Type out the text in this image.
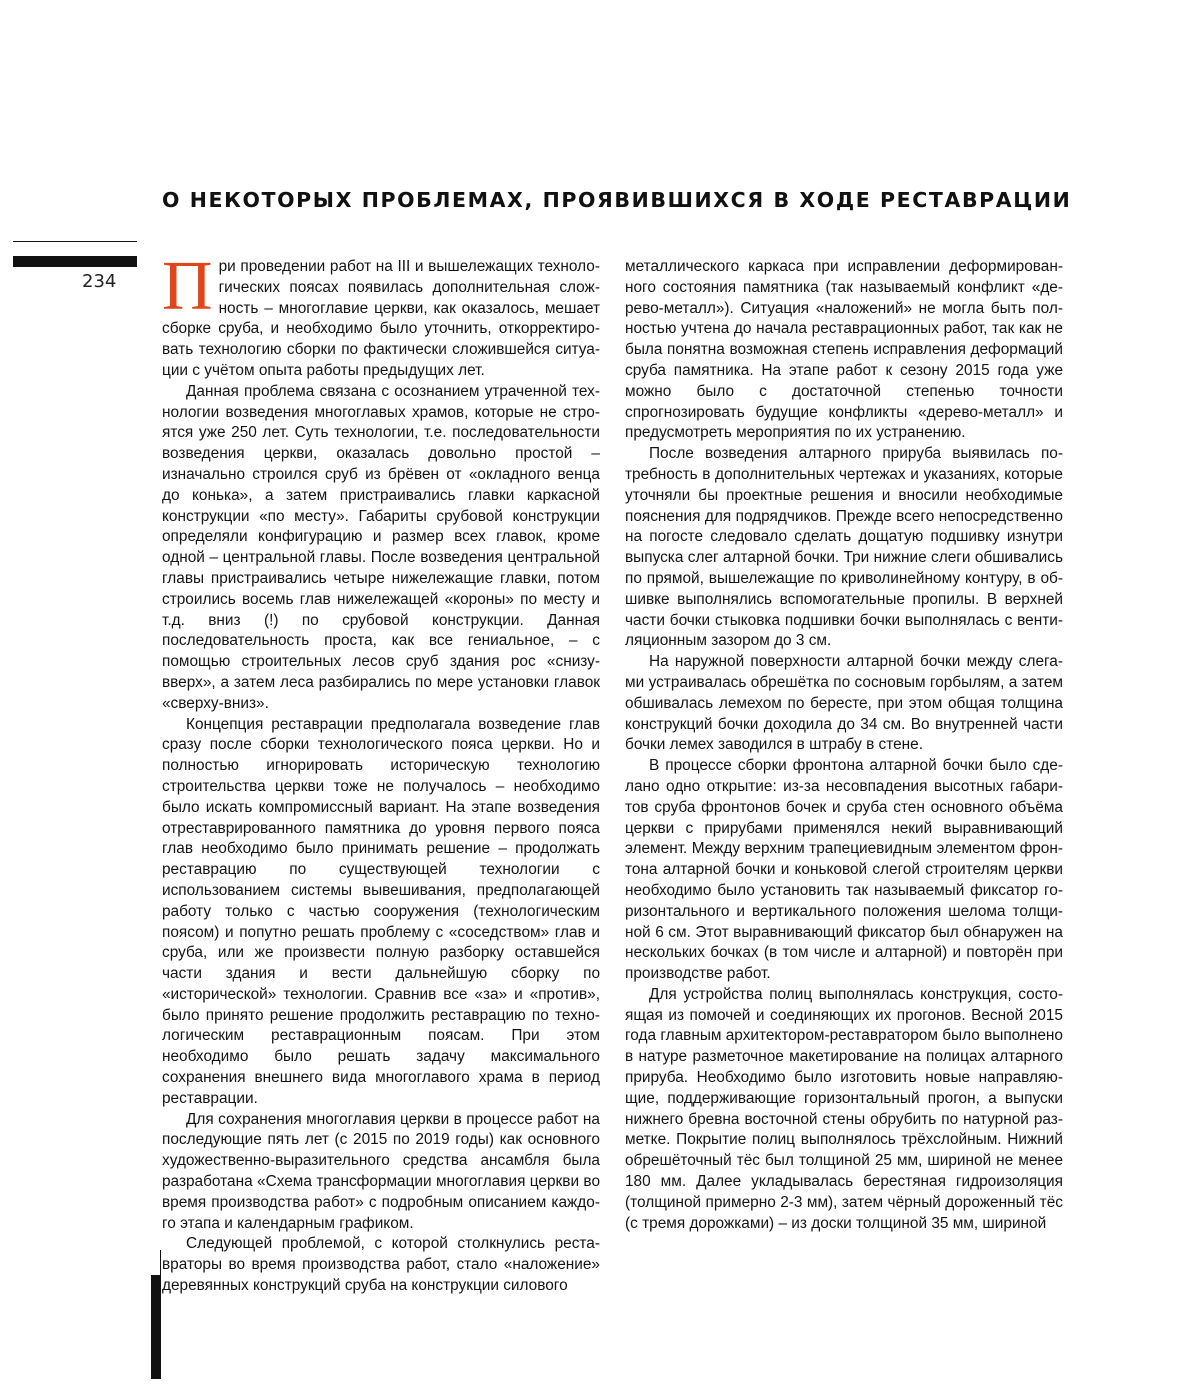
О НЕКОТОРЫХ ПРОБЛЕМАХ, ПРОЯВИВШИХСЯ В ХОДЕ РЕСТАВРАЦИИ
234 При проведении работ на III и вышележащих технологических поясах появилась дополнительная сложность – многоглавие церкви, как оказалось, мешает сборке сруба, и необходимо было уточнить, откорректировать технологию сборки по фактически сложившейся ситуации с учётом опыта работы предыдущих лет.

Данная проблема связана с осознанием утраченной технологии возведения многоглавых храмов, которые не строятся уже 250 лет. Суть технологии, т.е. последовательности возведения церкви, оказалась довольно простой – изначально строился сруб из брёвен от «окладного венца до конька», а затем пристраивались главки каркасной конструкции «по месту». Габариты срубовой конструкции определяли конфигурацию и размер всех главок, кроме одной – центральной главы. После возведения центральной главы пристраивались четыре нижележащие главки, потом строились восемь глав нижележащей «короны» по месту и т.д. вниз (!) по срубовой конструкции. Данная последовательность проста, как все гениальное, – с помощью строительных лесов сруб здания рос «снизу-вверх», а затем леса разбирались по мере установки главок «сверху-вниз».

Концепция реставрации предполагала возведение глав сразу после сборки технологического пояса церкви. Но и полностью игнорировать историческую технологию строительства церкви тоже не получалось – необходимо было искать компромиссный вариант. На этапе возведения отреставрированного памятника до уровня первого пояса глав необходимо было принимать решение – продолжать реставрацию по существующей технологии с использованием системы вывешивания, предполагающей работу только с частью сооружения (технологическим поясом) и попутно решать проблему с «соседством» глав и сруба, или же произвести полную разборку оставшейся части здания и вести дальнейшую сборку по «исторической» технологии. Сравнив все «за» и «против», было принято решение продолжить реставрацию по технологическим реставрационным поясам. При этом необходимо было решать задачу максимального сохранения внешнего вида многоглавого храма в период реставрации.

Для сохранения многоглавия церкви в процессе работ на последующие пять лет (с 2015 по 2019 годы) как основного художественно-выразительного средства ансамбля была разработана «Схема трансформации многоглавия церкви во время производства работ» с подробным описанием каждого этапа и календарным графиком.

Следующей проблемой, с которой столкнулись реставраторы во время производства работ, стало «наложение» деревянных конструкций сруба на конструкции силового

металлического каркаса при исправлении деформированного состояния памятника (так называемый конфликт «дерево-металл»). Ситуация «наложений» не могла быть полностью учтена до начала реставрационных работ, так как не была понятна возможная степень исправления деформаций сруба памятника. На этапе работ к сезону 2015 года уже можно было с достаточной степенью точности спрогнозировать будущие конфликты «дерево-металл» и предусмотреть мероприятия по их устранению.

После возведения алтарного прируба выявилась потребность в дополнительных чертежах и указаниях, которые уточняли бы проектные решения и вносили необходимые пояснения для подрядчиков. Прежде всего непосредственно на погосте следовало сделать дощатую подшивку изнутри выпуска слег алтарной бочки. Три нижние слеги обшивались по прямой, вышележащие по криволинейному контуру, в обшивке выполнялись вспомогательные пропилы. В верхней части бочки стыковка подшивки бочки выполнялась с вентиляционным зазором до 3 см.

На наружной поверхности алтарной бочки между слегами устраивалась обрешётка по сосновым горбылям, а затем обшивалась лемехом по бересте, при этом общая толщина конструкций бочки доходила до 34 см. Во внутренней части бочки лемех заводился в штрабу в стене.

В процессе сборки фронтона алтарной бочки было сделано одно открытие: из-за несовпадения высотных габаритов сруба фронтонов бочек и сруба стен основного объёма церкви с прирубами применялся некий выравнивающий элемент. Между верхним трапециевидным элементом фронтона алтарной бочки и коньковой слегой строителям церкви необходимо было установить так называемый фиксатор горизонтального и вертикального положения шелома толщиной 6 см. Этот выравнивающий фиксатор был обнаружен на нескольких бочках (в том числе и алтарной) и повторён при производстве работ.

Для устройства полиц выполнялась конструкция, состоящая из помочей и соединяющих их прогонов. Весной 2015 года главным архитектором-реставратором было выполнено в натуре разметочное макетирование на полицах алтарного прируба. Необходимо было изготовить новые направляющие, поддерживающие горизонтальный прогон, а выпуски нижнего бревна восточной стены обрубить по натурной разметке. Покрытие полиц выполнялось трёхслойным. Нижний обрешёточный тёс был толщиной 25 мм, шириной не менее 180 мм. Далее укладывалась берестяная гидроизоляция (толщиной примерно 2-3 мм), затем чёрный дороженный тёс (с тремя дорожками) – из доски толщиной 35 мм, шириной
